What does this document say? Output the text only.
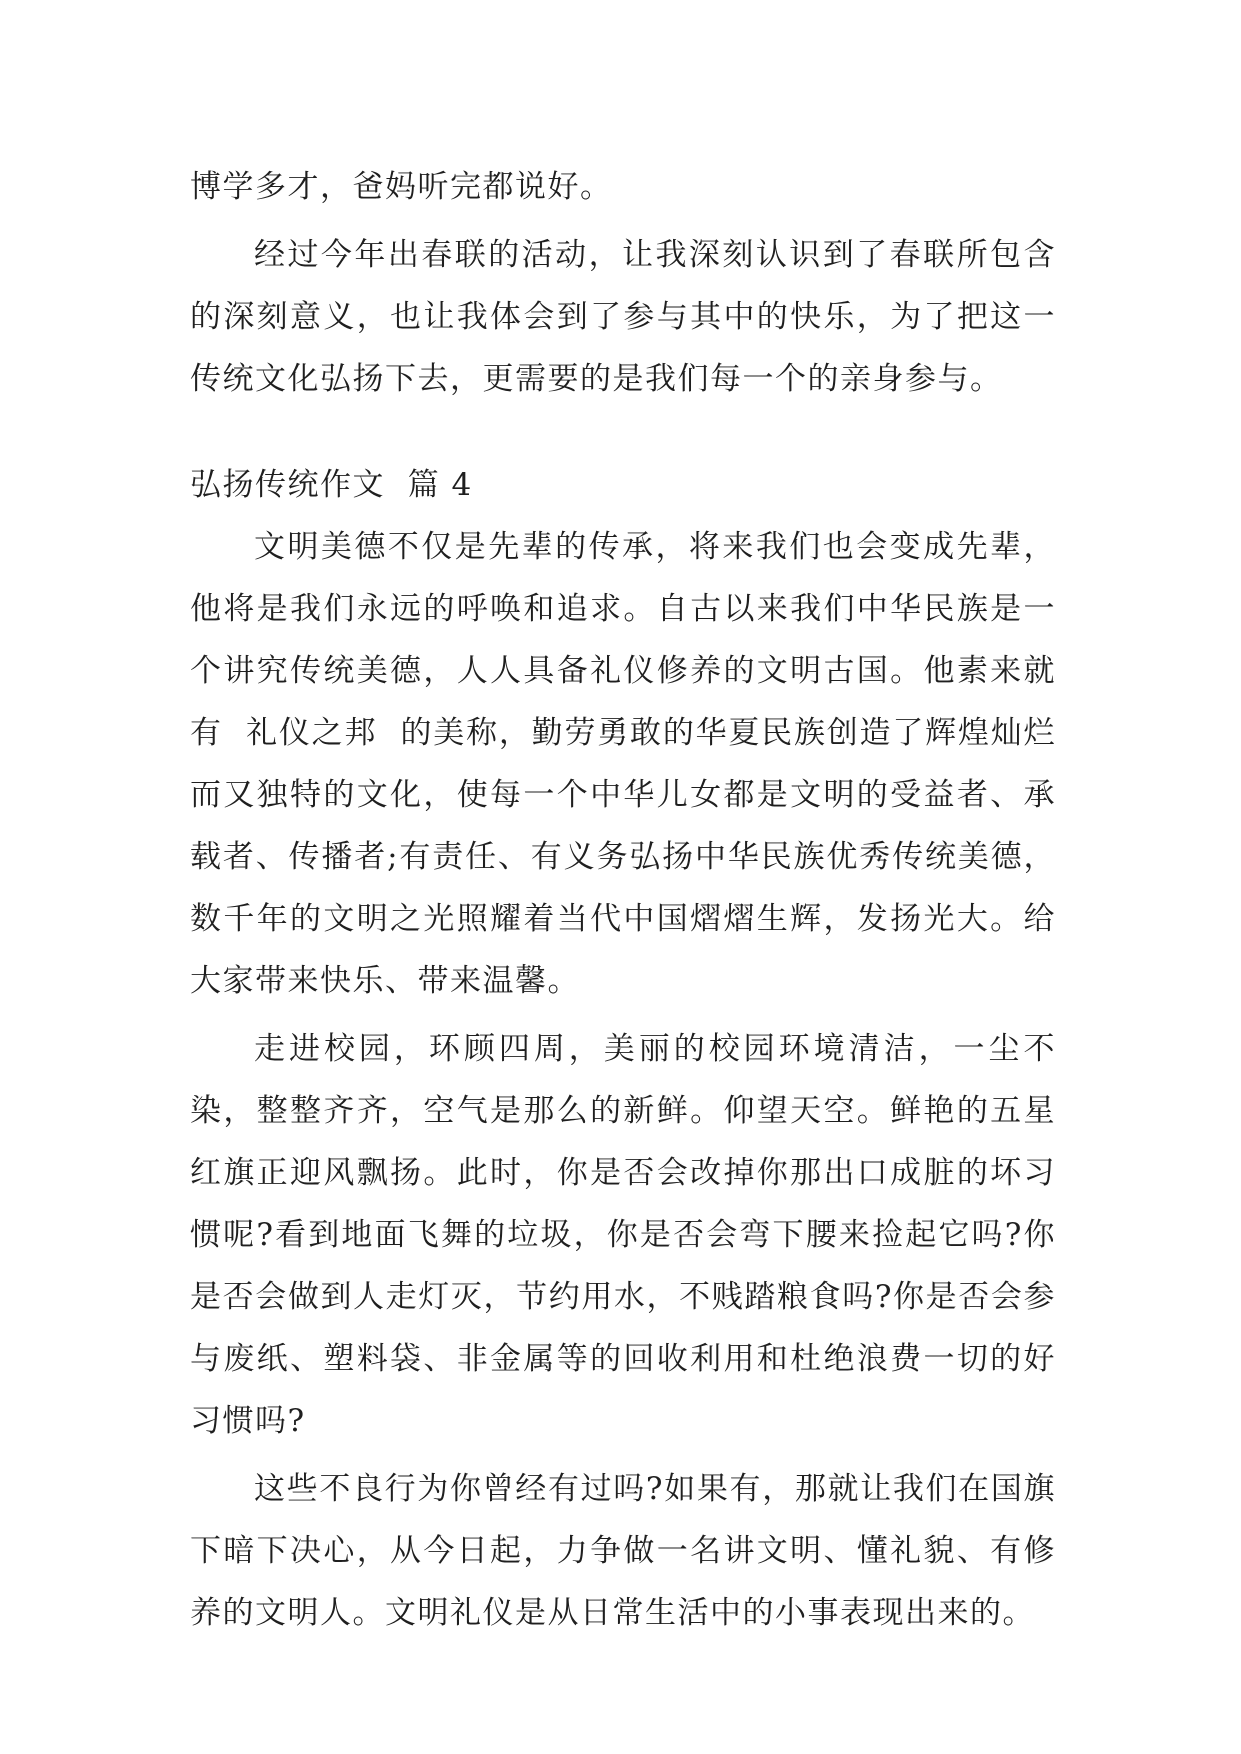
博学多才，爸妈听完都说好。

经过今年出春联的活动，让我深刻认识到了春联所包含的深刻意义，也让我体会到了参与其中的快乐，为了把这一传统文化弘扬下去，更需要的是我们每一个的亲身参与。

弘扬传统作文  篇 4

文明美德不仅是先辈的传承，将来我们也会变成先辈，他将是我们永远的呼唤和追求。自古以来我们中华民族是一个讲究传统美德，人人具备礼仪修养的文明古国。他素来就有  礼仪之邦  的美称，勤劳勇敢的华夏民族创造了辉煌灿烂而又独特的文化，使每一个中华儿女都是文明的受益者、承载者、传播者;有责任、有义务弘扬中华民族优秀传统美德，数千年的文明之光照耀着当代中国熠熠生辉，发扬光大。给大家带来快乐、带来温馨。

走进校园，环顾四周，美丽的校园环境清洁，一尘不染，整整齐齐，空气是那么的新鲜。仰望天空。鲜艳的五星红旗正迎风飘扬。此时，你是否会改掉你那出口成脏的坏习惯呢?看到地面飞舞的垃圾，你是否会弯下腰来捡起它吗?你是否会做到人走灯灭，节约用水，不贱踏粮食吗?你是否会参与废纸、塑料袋、非金属等的回收利用和杜绝浪费一切的好习惯吗?

这些不良行为你曾经有过吗?如果有，那就让我们在国旗下暗下决心，从今日起，力争做一名讲文明、懂礼貌、有修养的文明人。文明礼仪是从日常生活中的小事表现出来的。
